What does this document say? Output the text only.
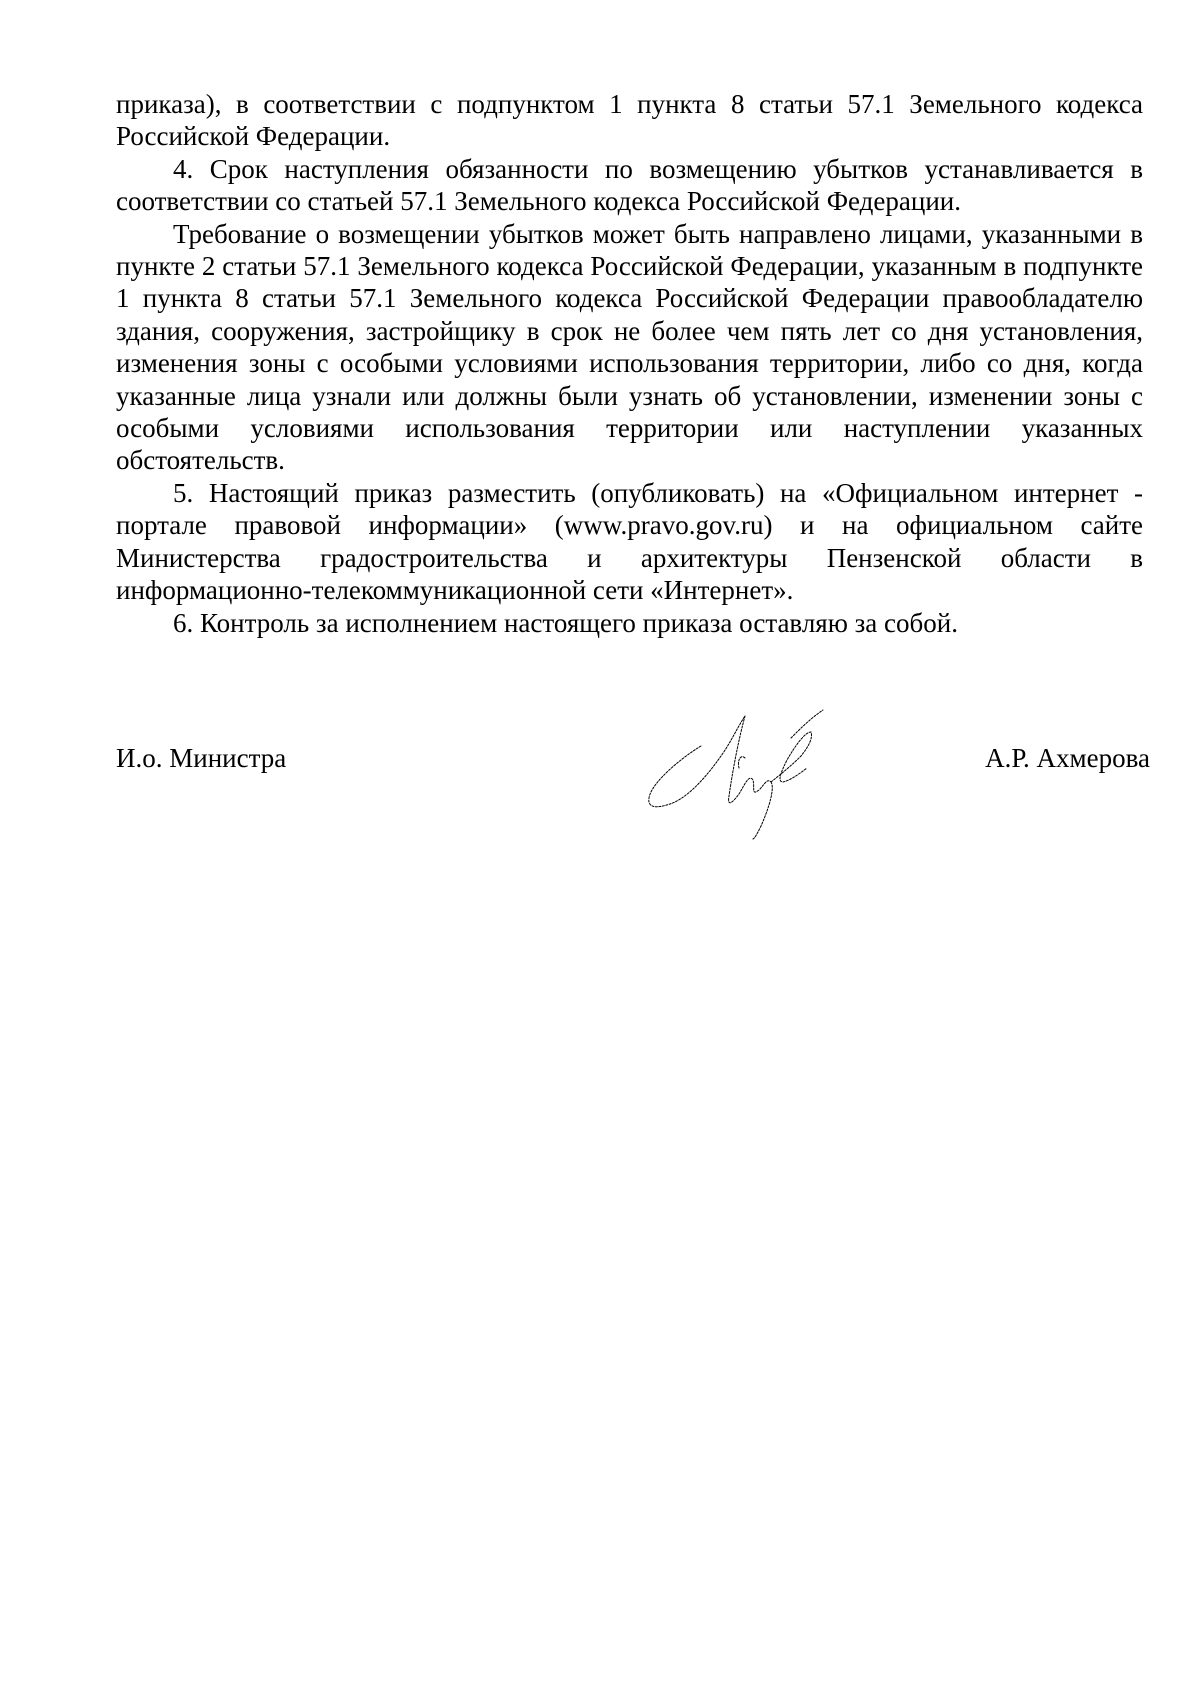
приказа), в соответствии с подпунктом 1 пункта 8 статьи 57.1 Земельного кодекса Российской Федерации.

4. Срок наступления обязанности по возмещению убытков устанавливается в соответствии со статьей 57.1 Земельного кодекса Российской Федерации.

Требование о возмещении убытков может быть направлено лицами, указанными в пункте 2 статьи 57.1 Земельного кодекса Российской Федерации, указанным в подпункте 1 пункта 8 статьи 57.1 Земельного кодекса Российской Федерации правообладателю здания, сооружения, застройщику в срок не более чем пять лет со дня установления, изменения зоны с особыми условиями использования территории, либо со дня, когда указанные лица узнали или должны были узнать об установлении, изменении зоны с особыми условиями использования территории или наступлении указанных обстоятельств.

5. Настоящий приказ разместить (опубликовать) на «Официальном интернет - портале правовой информации» (www.pravo.gov.ru) и на официальном сайте Министерства градостроительства и архитектуры Пензенской области в информационно-телекоммуникационной сети «Интернет».

6. Контроль за исполнением настоящего приказа оставляю за собой.

И.о. Министра	А.Р. Ахмерова
